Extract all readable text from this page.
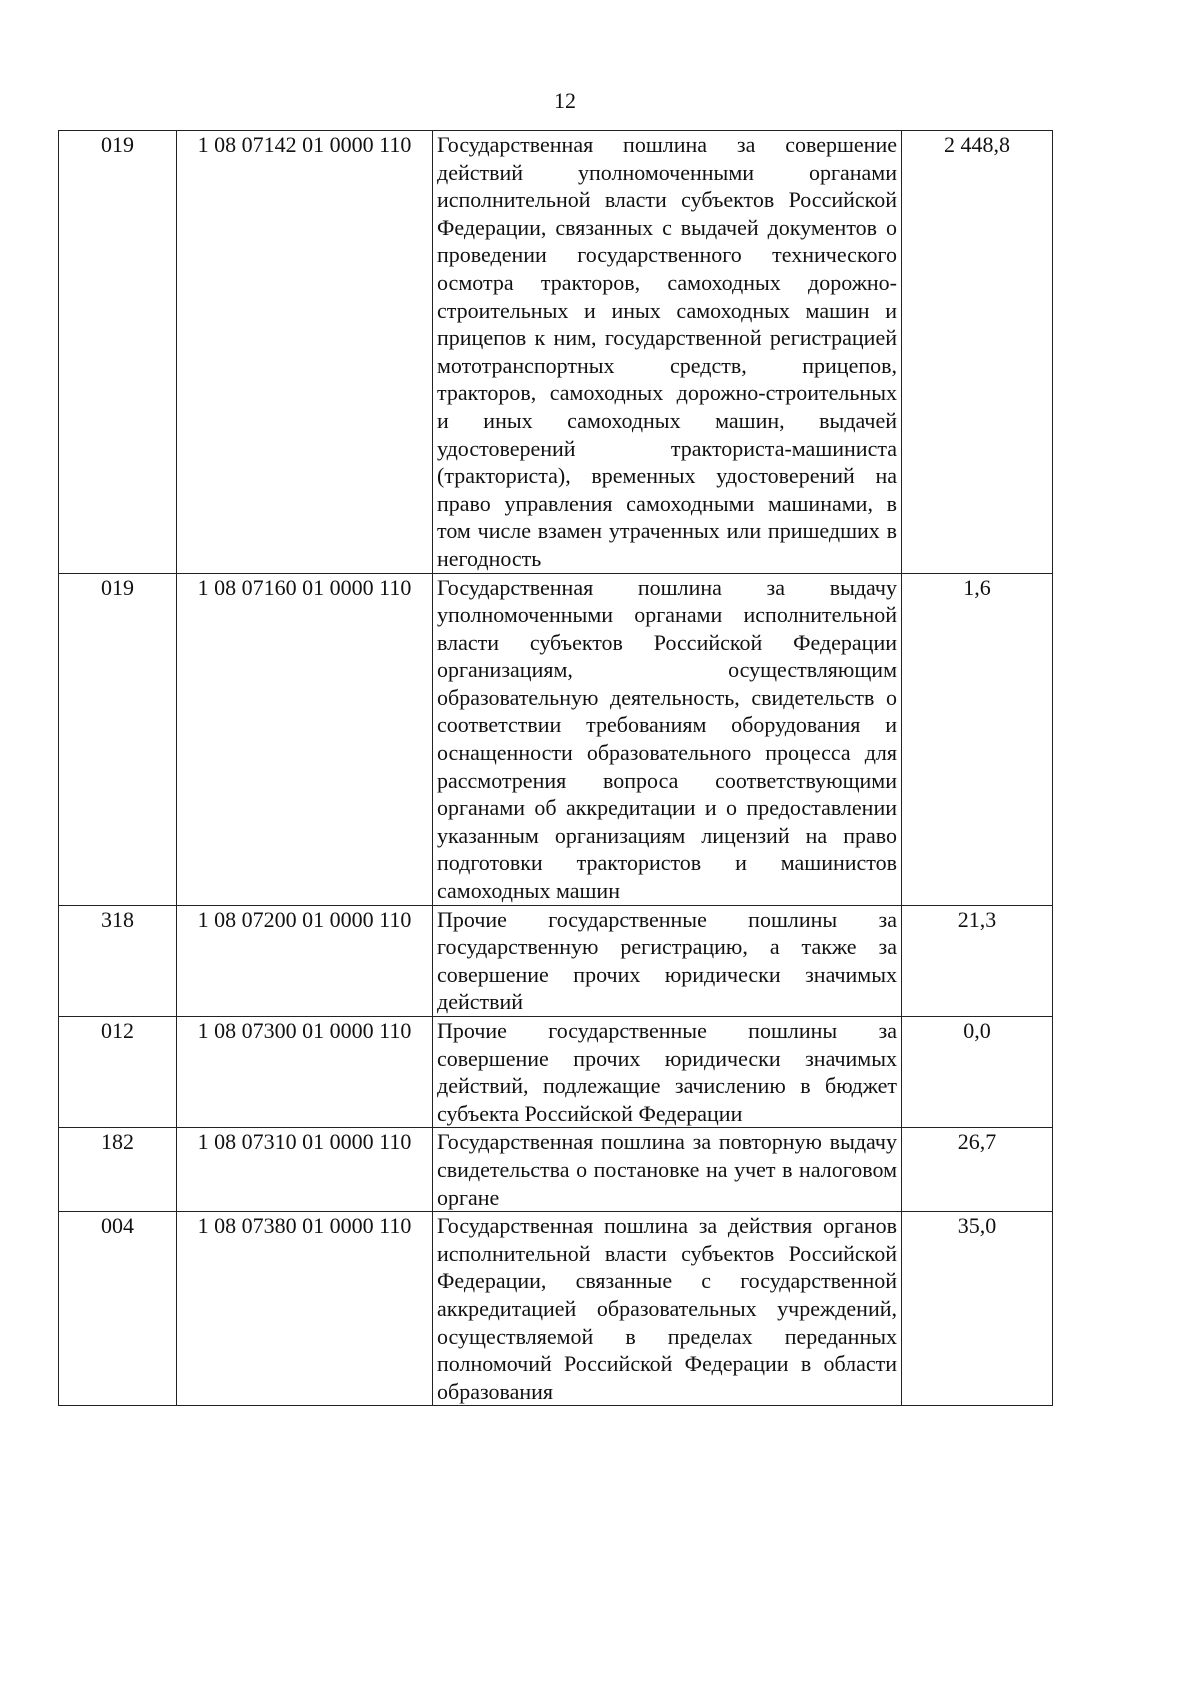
12
019	1 08 07142 01 0000 110	Государственная пошлина за совершение действий уполномоченными органами исполнительной власти субъектов Российской Федерации, связанных с выдачей документов о проведении государственного технического осмотра тракторов, самоходных дорожно-строительных и иных самоходных машин и прицепов к ним, государственной регистрацией мототранспортных средств, прицепов, тракторов, самоходных дорожно-строительных и иных самоходных машин, выдачей удостоверений тракториста-машиниста (тракториста), временных удостоверений на право управления самоходными машинами, в том числе взамен утраченных или пришедших в негодность	2 448,8
019	1 08 07160 01 0000 110	Государственная пошлина за выдачу уполномоченными органами исполнительной власти субъектов Российской Федерации организациям, осуществляющим образовательную деятельность, свидетельств о соответствии требованиям оборудования и оснащенности образовательного процесса для рассмотрения вопроса соответствующими органами об аккредитации и о предоставлении указанным организациям лицензий на право подготовки трактористов и машинистов самоходных машин	1,6
318	1 08 07200 01 0000 110	Прочие государственные пошлины за государственную регистрацию, а также за совершение прочих юридически значимых действий	21,3
012	1 08 07300 01 0000 110	Прочие государственные пошлины за совершение прочих юридически значимых действий, подлежащие зачислению в бюджет субъекта Российской Федерации	0,0
182	1 08 07310 01 0000 110	Государственная пошлина за повторную выдачу свидетельства о постановке на учет в налоговом органе	26,7
004	1 08 07380 01 0000 110	Государственная пошлина за действия органов исполнительной власти субъектов Российской Федерации, связанные с государственной аккредитацией образовательных учреждений, осуществляемой в пределах переданных полномочий Российской Федерации в области образования	35,0
